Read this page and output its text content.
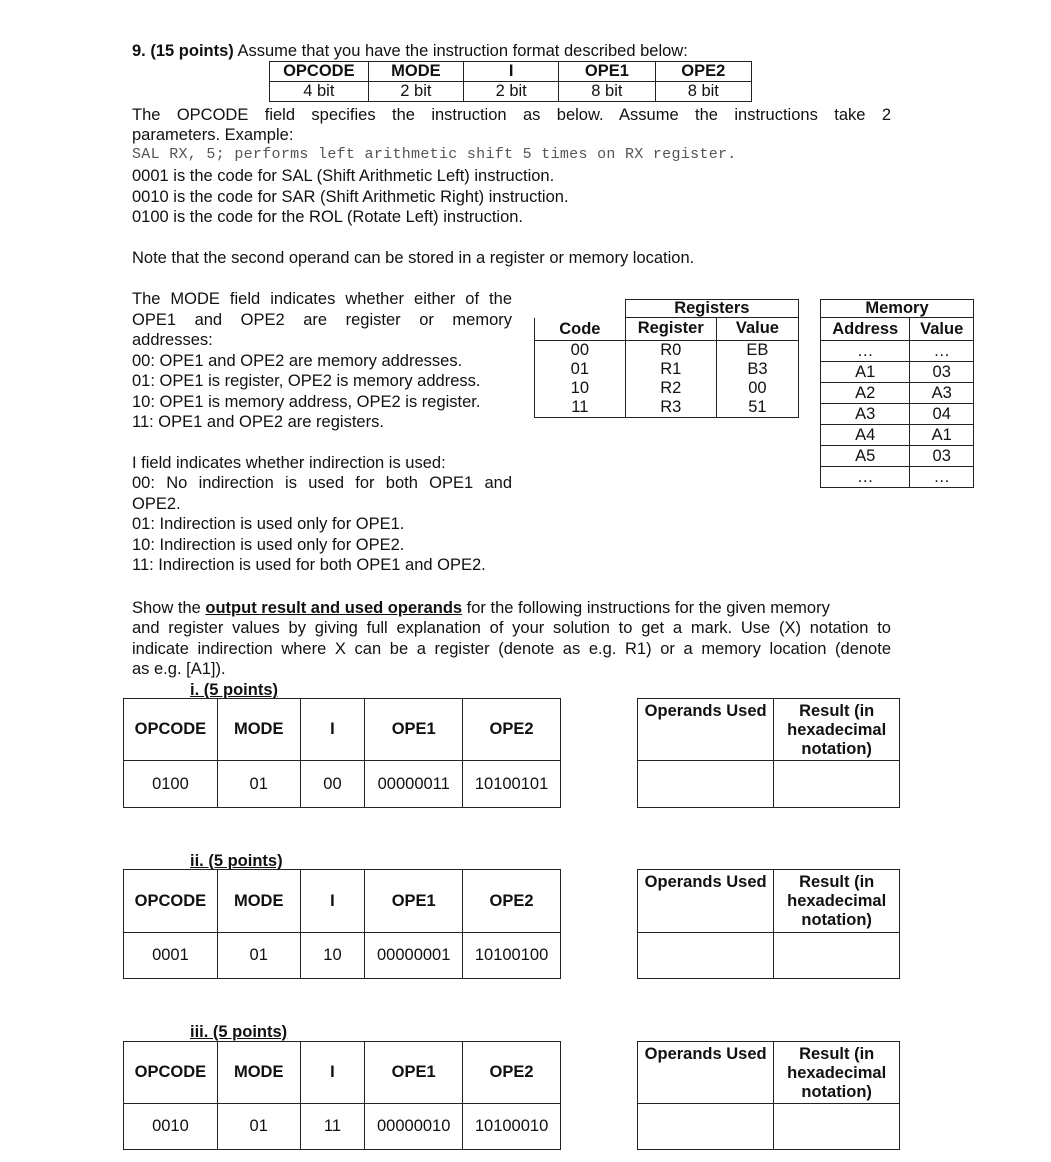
9. (15 points) Assume that you have the instruction format described below:
OPCODE	MODE	I	OPE1	OPE2
4 bit	2 bit	2 bit	8 bit	8 bit
The OPCODE field specifies the instruction as below. Assume the instructions take 2
parameters. Example:
SAL RX, 5; performs left arithmetic shift 5 times on RX register.
0001 is the code for SAL (Shift Arithmetic Left) instruction.
0010 is the code for SAR (Shift Arithmetic Right) instruction.
0100 is the code for the ROL (Rotate Left) instruction.
Note that the second operand can be stored in a register or memory location.
The MODE field indicates whether either of the
OPE1 and OPE2 are register or memory
addresses:
00: OPE1 and OPE2 are memory addresses.
01: OPE1 is register, OPE2 is memory address.
10: OPE1 is memory address, OPE2 is register.
11: OPE1 and OPE2 are registers.
I field indicates whether indirection is used:
00: No indirection is used for both OPE1 and
OPE2.
01: Indirection is used only for OPE1.
10: Indirection is used only for OPE2.
11: Indirection is used for both OPE1 and OPE2.
	Registers	
Code	Register	Value
00	R0	EB
01	R1	B3
10	R2	00
11	R3	51
Memory	
Address	Value
…	…
A1	03
A2	A3
A3	04
A4	A1
A5	03
…	…
Show the output result and used operands for the following instructions for the given memory
and register values by giving full explanation of your solution to get a mark. Use (X) notation to
indicate indirection where X can be a register (denote as e.g. R1) or a memory location (denote
as e.g. [A1]).
i. (5 points)
OPCODE	MODE	I	OPE1	OPE2
0100	01	00	00000011	10100101
Operands Used	Result (in hexadecimal notation)

ii. (5 points)
OPCODE	MODE	I	OPE1	OPE2
0001	01	10	00000001	10100100
Operands Used	Result (in hexadecimal notation)

iii. (5 points)
OPCODE	MODE	I	OPE1	OPE2
0010	01	11	00000010	10100010
Operands Used	Result (in hexadecimal notation)
